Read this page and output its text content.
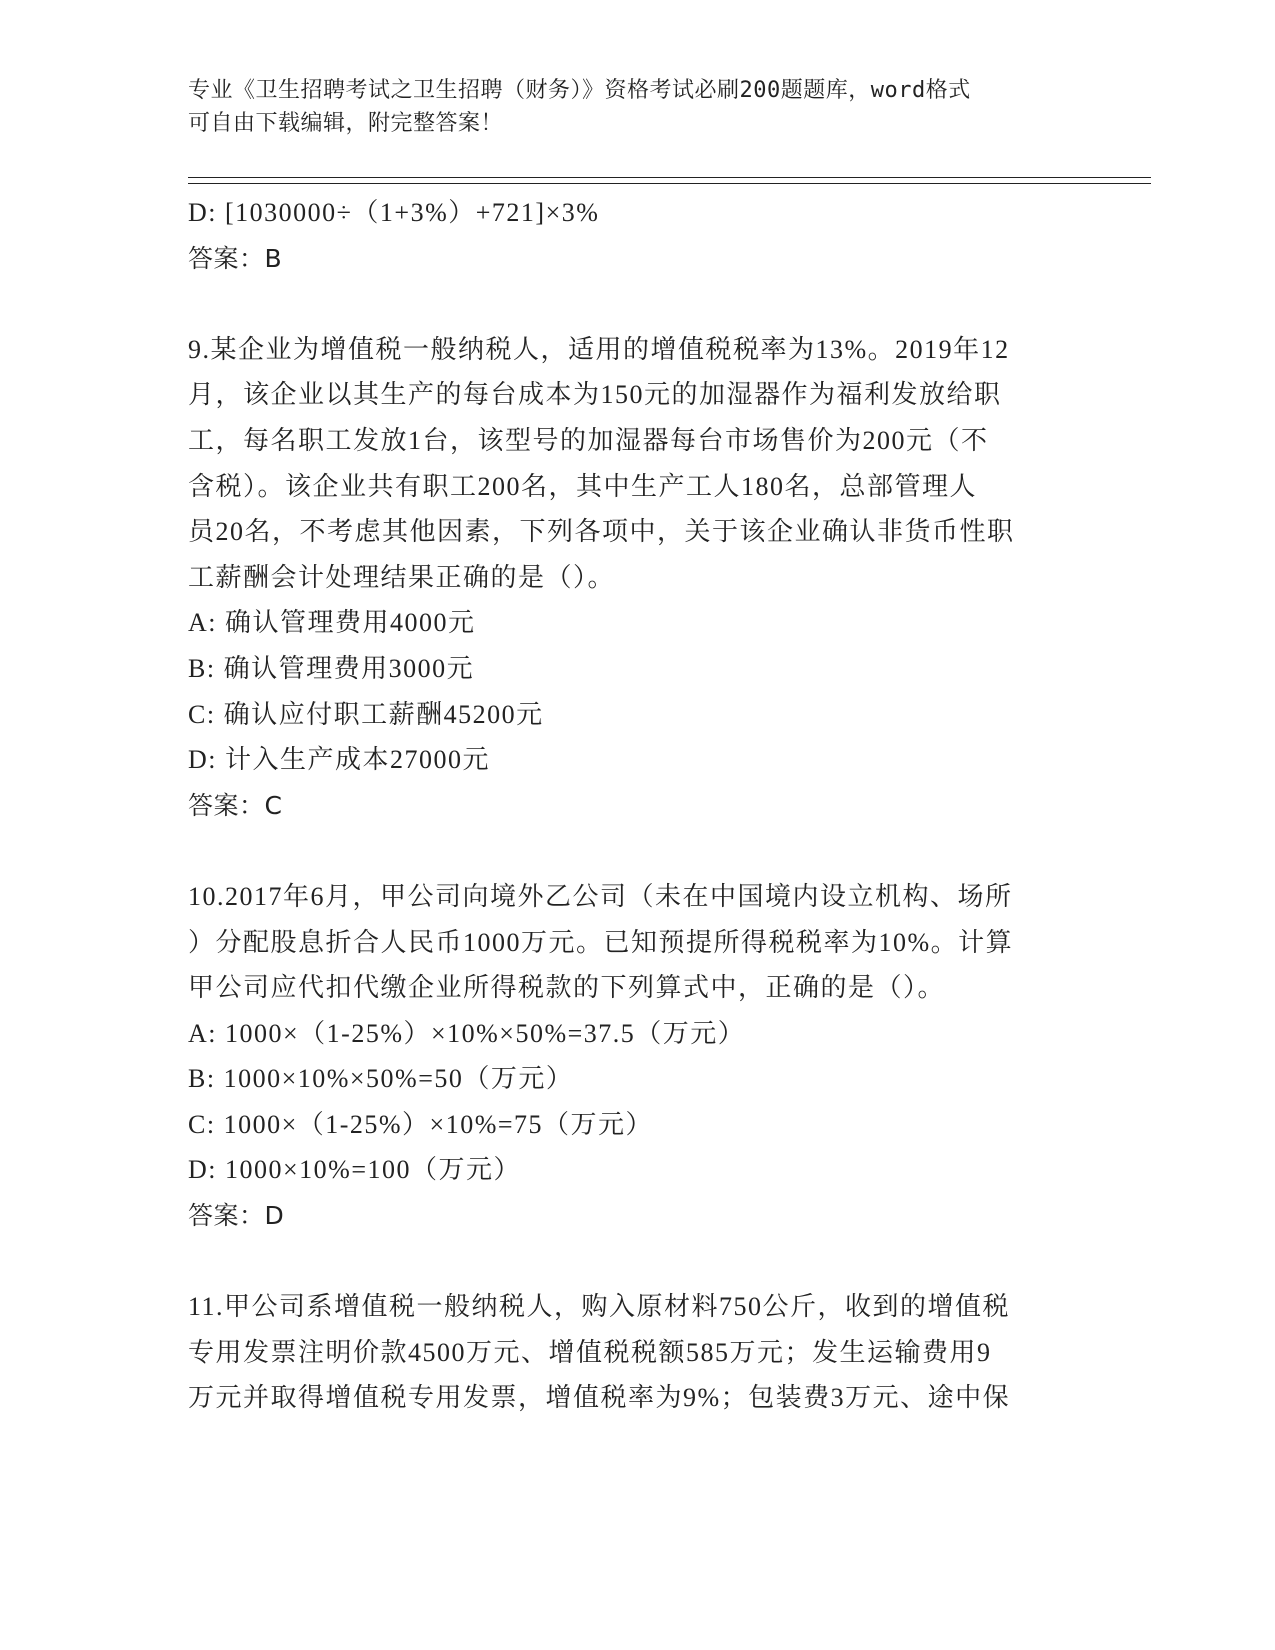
专业《卫生招聘考试之卫生招聘（财务）》资格考试必刷200题题库，word格式
可自由下载编辑，附完整答案！
D: [1030000÷（1+3%）+721]×3%
答案：B
9.某企业为增值税一般纳税人，适用的增值税税率为13%。2019年12
月，该企业以其生产的每台成本为150元的加湿器作为福利发放给职
工，每名职工发放1台，该型号的加湿器每台市场售价为200元（不
含税）。该企业共有职工200名，其中生产工人180名，总部管理人
员20名，不考虑其他因素，下列各项中，关于该企业确认非货币性职
工薪酬会计处理结果正确的是（）。
A: 确认管理费用4000元
B: 确认管理费用3000元
C: 确认应付职工薪酬45200元
D: 计入生产成本27000元
答案：C
10.2017年6月，甲公司向境外乙公司（未在中国境内设立机构、场所
）分配股息折合人民币1000万元。已知预提所得税税率为10%。计算
甲公司应代扣代缴企业所得税款的下列算式中，正确的是（）。
A: 1000×（1-25%）×10%×50%=37.5（万元）
B: 1000×10%×50%=50（万元）
C: 1000×（1-25%）×10%=75（万元）
D: 1000×10%=100（万元）
答案：D
11.甲公司系增值税一般纳税人，购入原材料750公斤，收到的增值税
专用发票注明价款4500万元、增值税税额585万元；发生运输费用9
万元并取得增值税专用发票，增值税率为9%；包装费3万元、途中保
